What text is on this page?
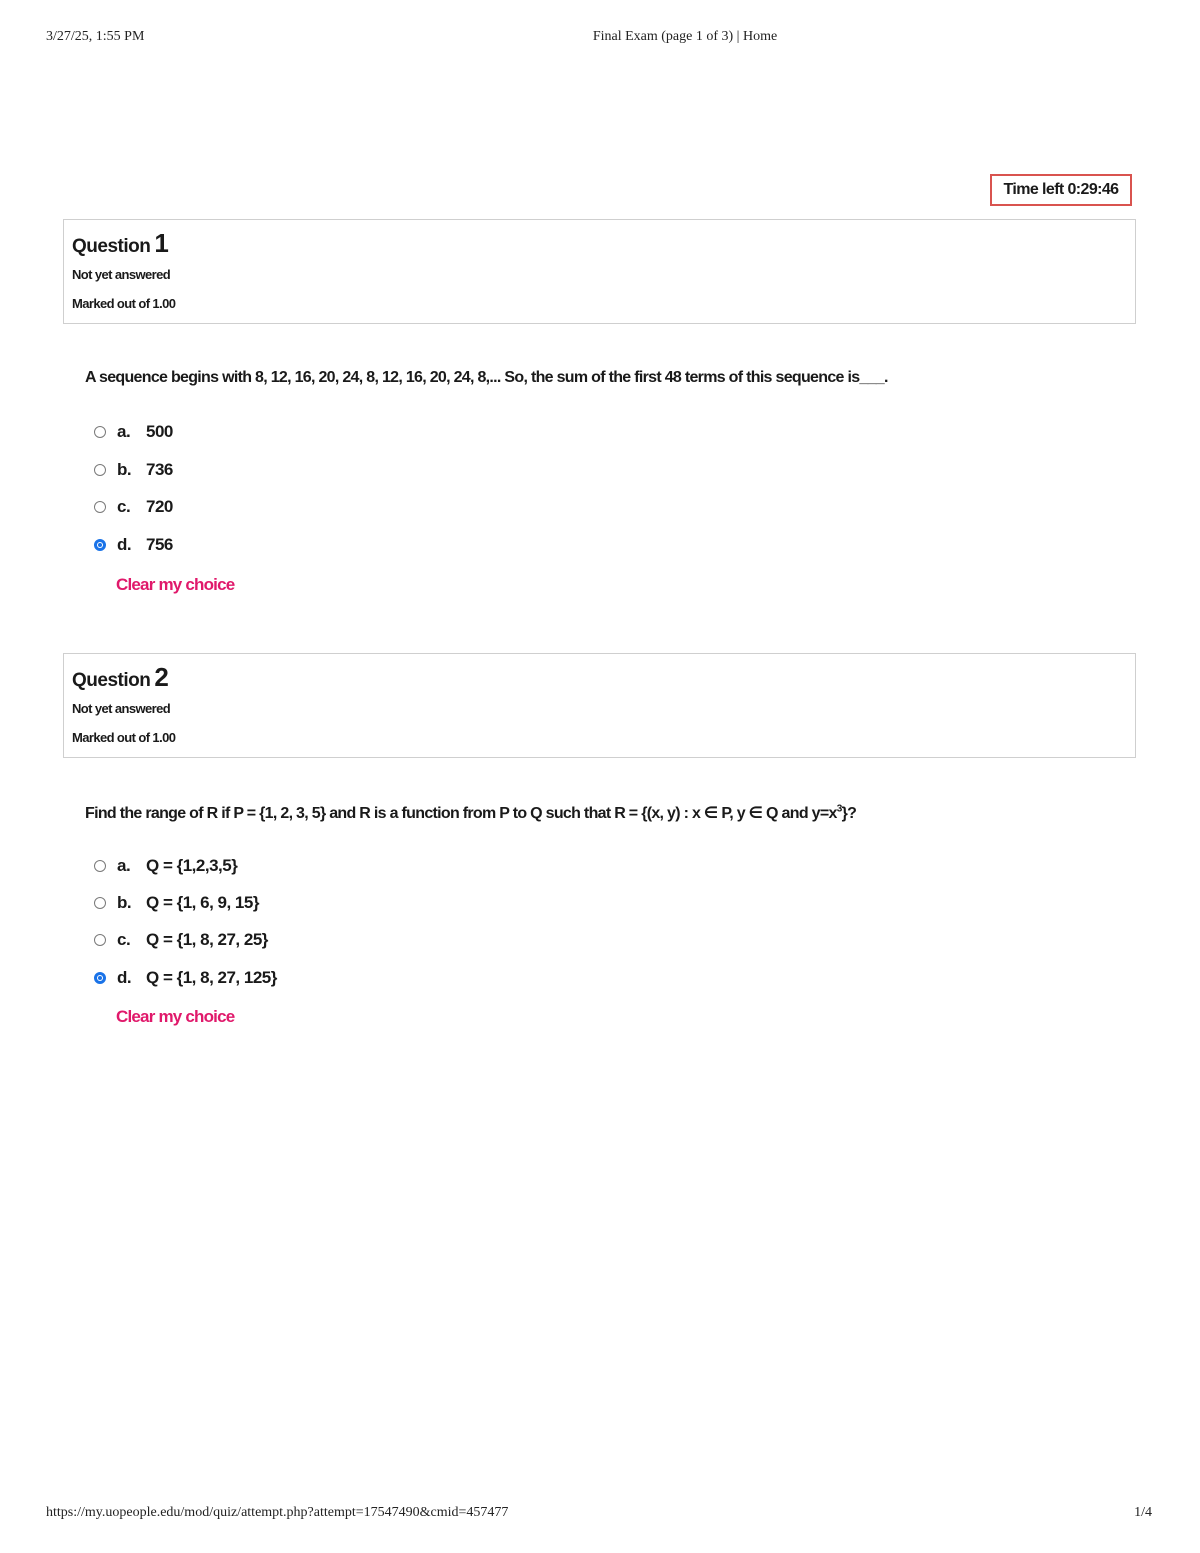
3/27/25, 1:55 PM	Final Exam (page 1 of 3) | Home
Time left 0:29:46
Question 1
Not yet answered
Marked out of 1.00
A sequence begins with 8, 12, 16, 20, 24, 8, 12, 16, 20, 24, 8,... So, the sum of the first 48 terms of this sequence is___.
a. 500
b. 736
c. 720
d. 756
Clear my choice
Question 2
Not yet answered
Marked out of 1.00
Find the range of R if P = {1, 2, 3, 5} and R is a function from P to Q such that R = {(x, y) : x ∈ P, y ∈ Q and $y=x^3$}?
a. Q = {1,2,3,5}
b. Q = {1, 6, 9, 15}
c. Q = {1, 8, 27, 25}
d. Q = {1, 8, 27, 125}
Clear my choice
https://my.uopeople.edu/mod/quiz/attempt.php?attempt=17547490&cmid=457477	1/4
